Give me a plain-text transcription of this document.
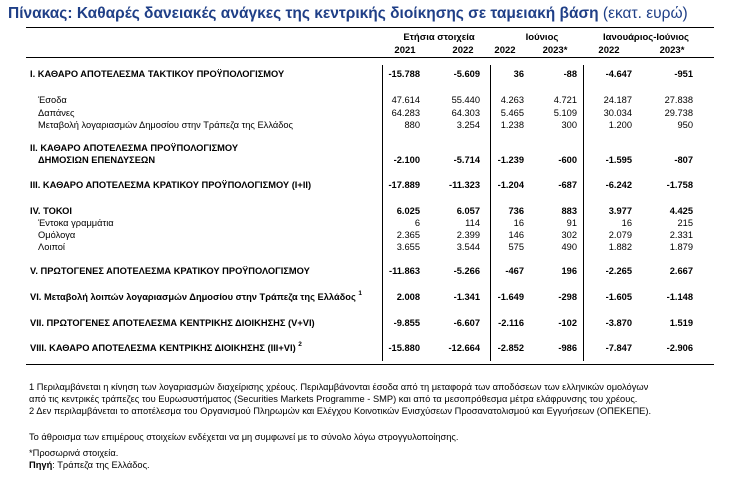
Πίνακας: Καθαρές δανειακές ανάγκες της κεντρικής διοίκησης σε ταμειακή βάση (εκατ. ευρώ)
Ετήσια στοιχεία	Ιούνιος	Ιανουάριος-Ιούνιος
2021	2022	2022	2023*	2022	2023*
I. ΚΑΘΑΡΟ ΑΠΟΤΕΛΕΣΜΑ ΤΑΚΤΙΚΟΥ ΠΡΟΫΠΟΛΟΓΙΣΜΟΥ	-15.788	-5.609	36	-88	-4.647	-951
Έσοδα	47.614	55.440	4.263	4.721	24.187	27.838
Δαπάνες	64.283	64.303	5.465	5.109	30.034	29.738
Μεταβολή λογαριασμών Δημοσίου στην Τράπεζα της Ελλάδος	880	3.254	1.238	300	1.200	950
II. ΚΑΘΑΡΟ ΑΠΟΤΕΛΕΣΜΑ ΠΡΟΫΠΟΛΟΓΙΣΜΟΥ
ΔΗΜΟΣΙΩΝ ΕΠΕΝΔΥΣΕΩΝ	-2.100	-5.714	-1.239	-600	-1.595	-807
III. ΚΑΘΑΡΟ ΑΠΟΤΕΛΕΣΜΑ ΚΡΑΤΙΚΟΥ ΠΡΟΫΠΟΛΟΓΙΣΜΟΥ (I+II)	-17.889	-11.323	-1.204	-687	-6.242	-1.758
IV. ΤΟΚΟΙ	6.025	6.057	736	883	3.977	4.425
Έντοκα γραμμάτια	6	114	16	91	16	215
Ομόλογα	2.365	2.399	146	302	2.079	2.331
Λοιποί	3.655	3.544	575	490	1.882	1.879
V. ΠΡΩΤΟΓΕΝΕΣ ΑΠΟΤΕΛΕΣΜΑ ΚΡΑΤΙΚΟΥ ΠΡΟΫΠΟΛΟΓΙΣΜΟΥ	-11.863	-5.266	-467	196	-2.265	2.667
VI. Μεταβολή λοιπών λογαριασμών Δημοσίου στην Τράπεζα της Ελλάδος $^1$	2.008	-1.341	-1.649	-298	-1.605	-1.148
VII. ΠΡΩΤΟΓΕΝΕΣ ΑΠΟΤΕΛΕΣΜΑ ΚΕΝΤΡΙΚΗΣ ΔΙΟΙΚΗΣΗΣ (V+VI)	-9.855	-6.607	-2.116	-102	-3.870	1.519
VIII. ΚΑΘΑΡΟ ΑΠΟΤΕΛΕΣΜΑ ΚΕΝΤΡΙΚΗΣ ΔΙΟΙΚΗΣΗΣ (III+VI) $^2$	-15.880	-12.664	-2.852	-986	-7.847	-2.906
1 Περιλαμβάνεται η κίνηση των λογαριασμών διαχείρισης χρέους. Περιλαμβάνονται έσοδα από τη μεταφορά των αποδόσεων των ελληνικών ομολόγων
από τις κεντρικές τράπεζες του Ευρωσυστήματος (Securities Markets Programme - SMP) και από τα μεσοπρόθεσμα μέτρα ελάφρυνσης του χρέους.
2 Δεν περιλαμβάνεται το αποτέλεσμα του Οργανισμού Πληρωμών και Ελέγχου Κοινοτικών Ενισχύσεων Προσανατολισμού και Εγγυήσεων (ΟΠΕΚΕΠΕ).
Το άθροισμα των επιμέρους στοιχείων ενδέχεται να μη συμφωνεί με το σύνολο λόγω στρογγυλοποίησης.
*Προσωρινά στοιχεία.
Πηγή: Τράπεζα της Ελλάδος.
